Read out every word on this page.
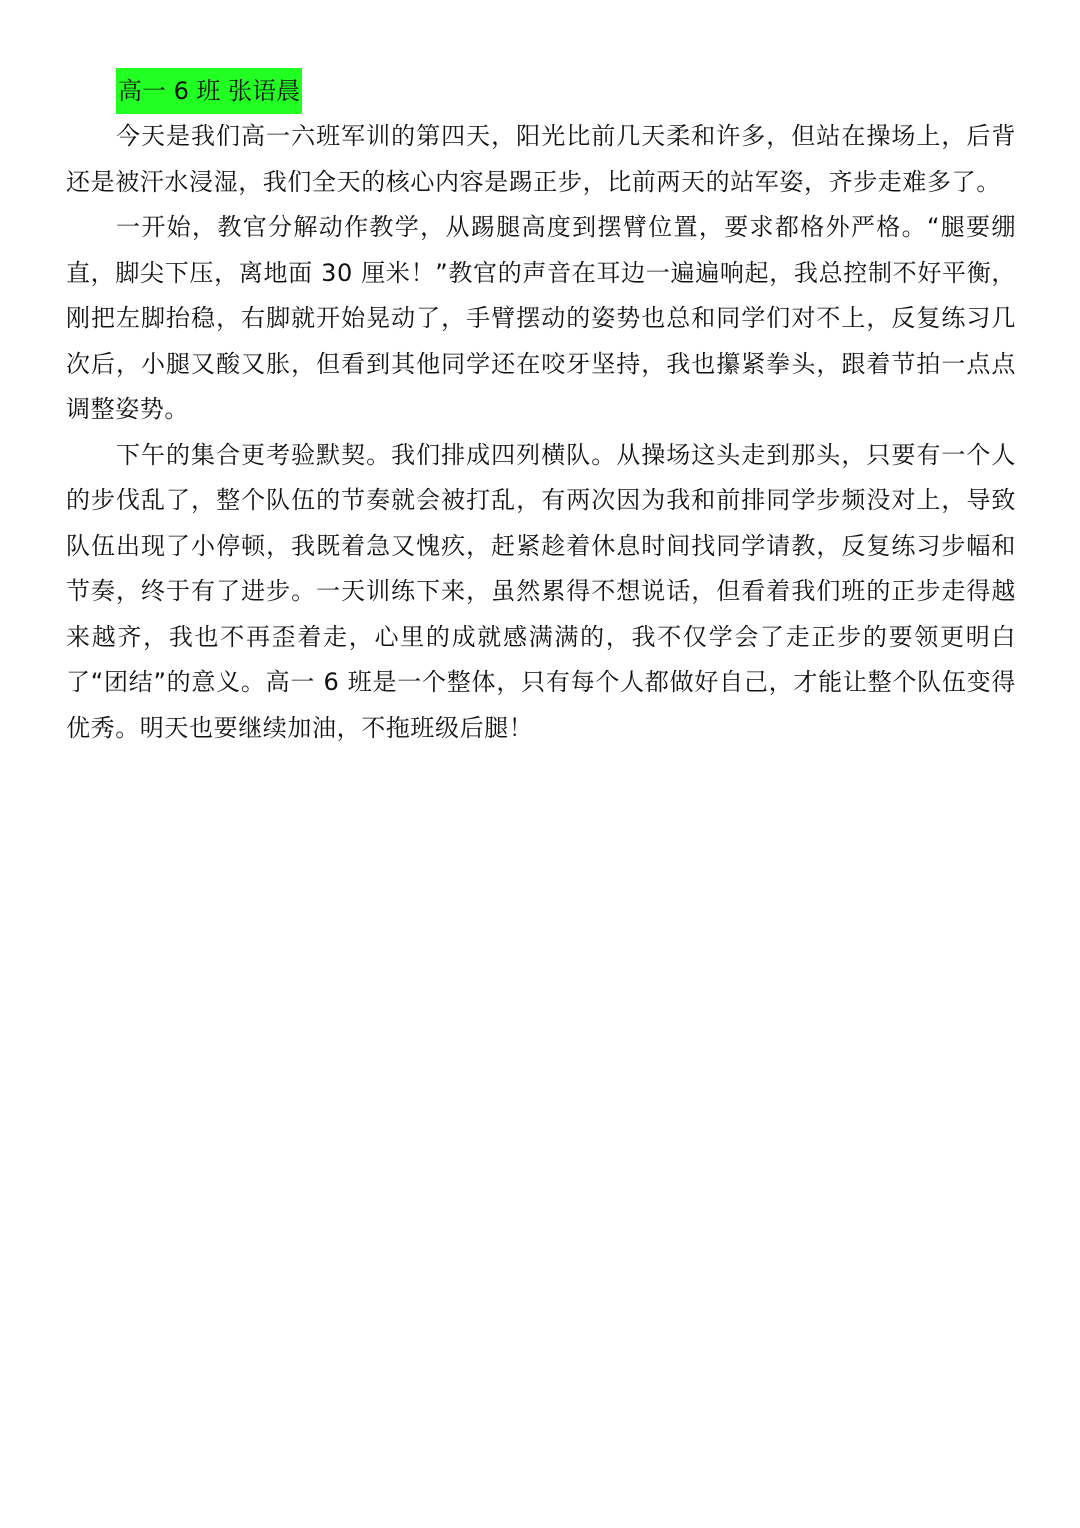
高一 6 班 张语晨

今天是我们高一六班军训的第四天，阳光比前几天柔和许多，但站在操场上，后背还是被汗水浸湿，我们全天的核心内容是踢正步，比前两天的站军姿，齐步走难多了。

一开始，教官分解动作教学，从踢腿高度到摆臂位置，要求都格外严格。“腿要绷直，脚尖下压，离地面 30 厘米！”教官的声音在耳边一遍遍响起，我总控制不好平衡，刚把左脚抬稳，右脚就开始晃动了，手臂摆动的姿势也总和同学们对不上，反复练习几次后，小腿又酸又胀，但看到其他同学还在咬牙坚持，我也攥紧拳头，跟着节拍一点点调整姿势。

下午的集合更考验默契。我们排成四列横队。从操场这头走到那头，只要有一个人的步伐乱了，整个队伍的节奏就会被打乱，有两次因为我和前排同学步频没对上，导致队伍出现了小停顿，我既着急又愧疚，赶紧趁着休息时间找同学请教，反复练习步幅和节奏，终于有了进步。一天训练下来，虽然累得不想说话，但看着我们班的正步走得越来越齐，我也不再歪着走，心里的成就感满满的，我不仅学会了走正步的要领更明白了“团结”的意义。高一 6 班是一个整体，只有每个人都做好自己，才能让整个队伍变得优秀。明天也要继续加油，不拖班级后腿！
